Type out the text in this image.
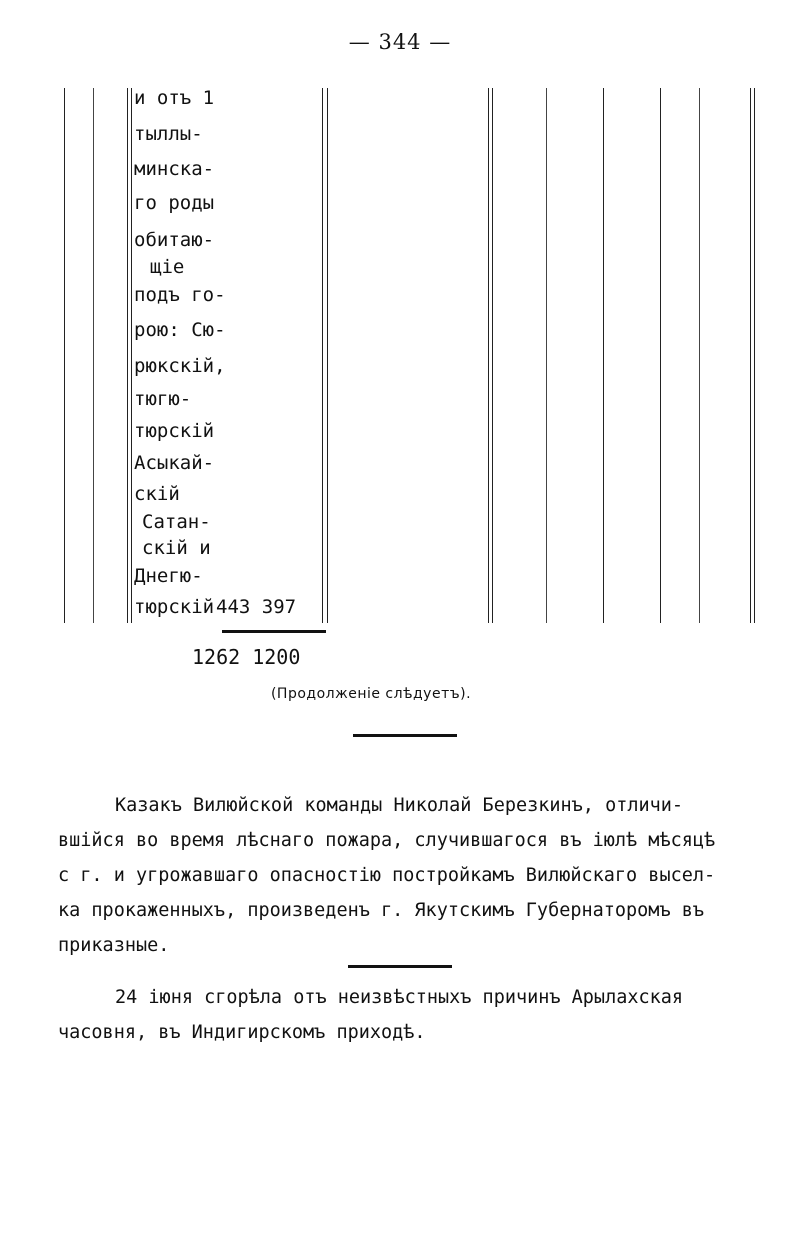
— 344 —
и отъ 1
тыллы-
минска-
го роды
обитаю-
щіе
подъ го-
рою: Сю-
рюкскій,
тюгю-
тюрскій
Асыкай-
скій
Сатан-
скій и
Днегю-
тюрскій 443 397
1262 1200
(Продолженіе слѣдуетъ).
Казакъ Вилюйской команды Николай Березкинъ, отличи-
вшійся во время лѣснаго пожара, случившагося въ іюлѣ мѣсяцѣ
с г. и угрожавшаго опасностію постройкамъ Вилюйскаго высел-
ка прокаженныхъ, произведенъ г. Якутскимъ Губернаторомъ въ
приказные.
24 іюня сгорѣла отъ неизвѣстныхъ причинъ Арылахская
часовня, въ Индигирскомъ приходѣ.
